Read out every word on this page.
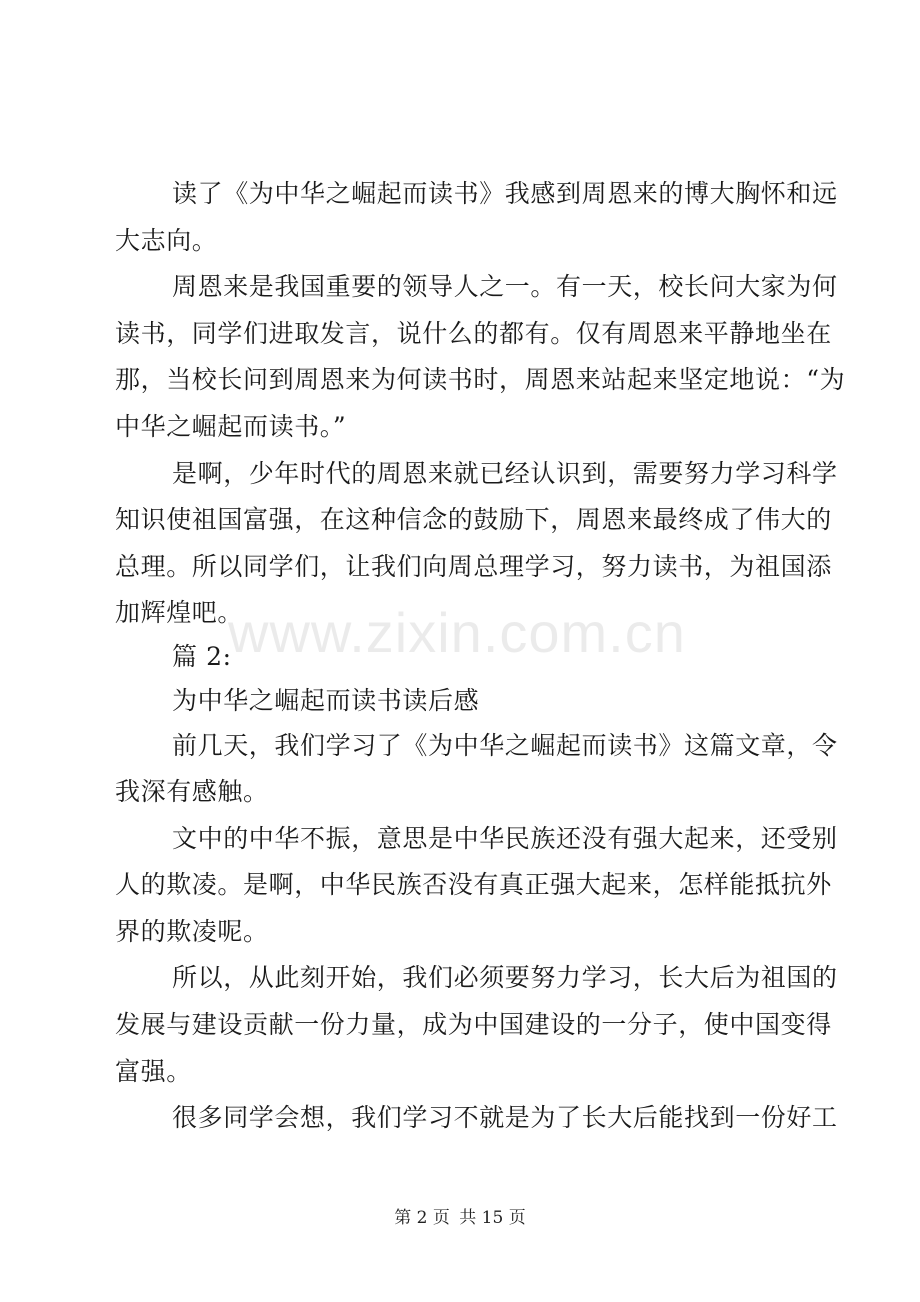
www.zixin.com.cn
读了《为中华之崛起而读书》我感到周恩来的博大胸怀和远
大志向。
周恩来是我国重要的领导人之一。有一天，校长问大家为何
读书，同学们进取发言，说什么的都有。仅有周恩来平静地坐在
那，当校长问到周恩来为何读书时，周恩来站起来坚定地说：“为
中华之崛起而读书。”
是啊，少年时代的周恩来就已经认识到，需要努力学习科学
知识使祖国富强，在这种信念的鼓励下，周恩来最终成了伟大的
总理。所以同学们，让我们向周总理学习，努力读书，为祖国添
加辉煌吧。
篇 2:
为中华之崛起而读书读后感
前几天，我们学习了《为中华之崛起而读书》这篇文章，令
我深有感触。
文中的中华不振，意思是中华民族还没有强大起来，还受别
人的欺凌。是啊，中华民族否没有真正强大起来，怎样能抵抗外
界的欺凌呢。
所以，从此刻开始，我们必须要努力学习，长大后为祖国的
发展与建设贡献一份力量，成为中国建设的一分子，使中国变得
富强。
很多同学会想，我们学习不就是为了长大后能找到一份好工
第 2 页 共 15 页
